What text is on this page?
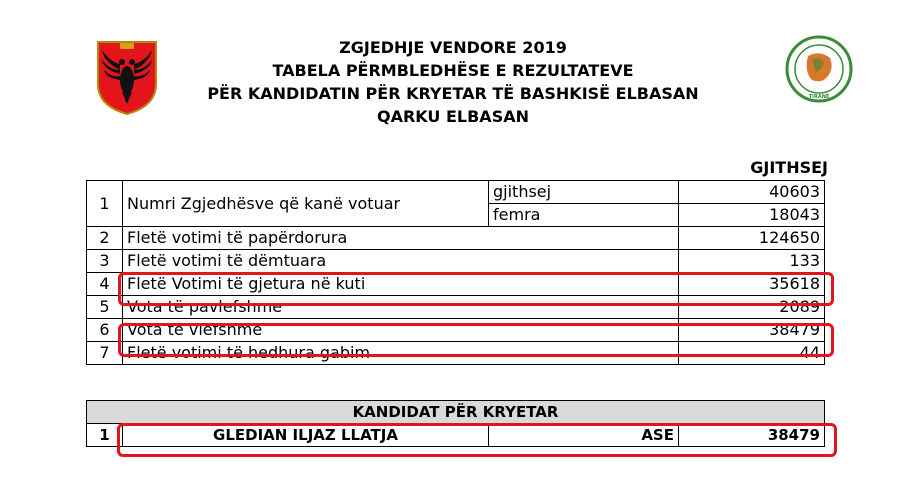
TIRANË
ZGJEDHJE VENDORE 2019
TABELA PËRMBLEDHËSE E REZULTATEVE
PËR KANDIDATIN PËR KRYETAR TË BASHKISË ELBASAN
QARKU ELBASAN
GJITHSEJ
1	Numri Zgjedhësve që kanë votuar	gjithsej	40603
		femra	18043
2	Fletë votimi të papërdorura		124650
3	Fletë votimi të dëmtuara		133
4	Fletë Votimi të gjetura në kuti		35618
5	Vota të pavlefshme		2089
6	Vota të vlefshme		38479
7	Fletë votimi të hedhura gabim		44
KANDIDAT PËR KRYETAR
1	GLEDIAN ILJAZ LLATJA	ASE	38479
